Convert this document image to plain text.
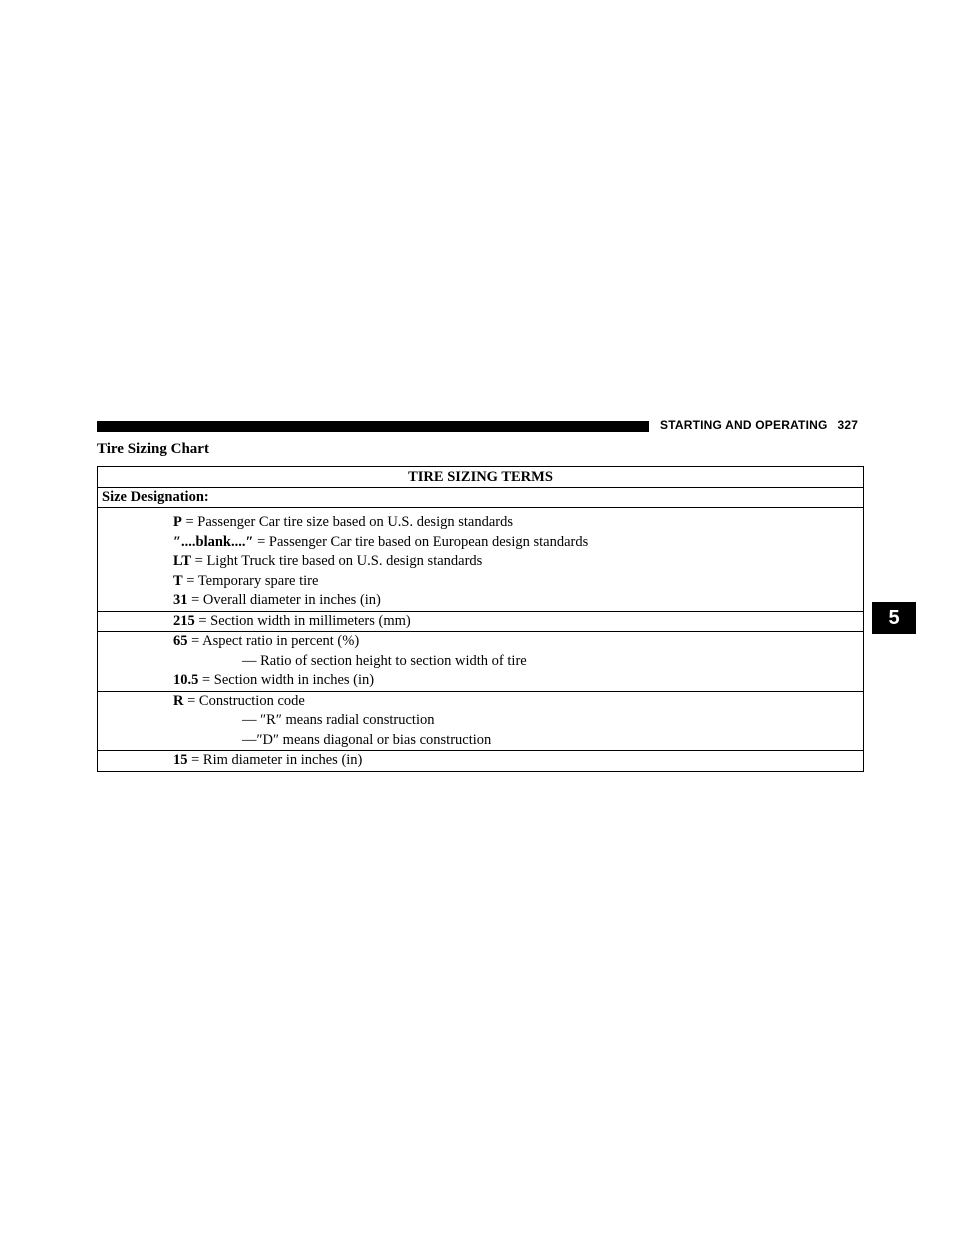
STARTING AND OPERATING 327
5
Tire Sizing Chart
TIRE SIZING TERMS
Size Designation:

P = Passenger Car tire size based on U.S. design standards
″....blank....″ = Passenger Car tire based on European design standards
LT = Light Truck tire based on U.S. design standards
T = Temporary spare tire
31 = Overall diameter in inches (in)

215 = Section width in millimeters (mm)

65 = Aspect ratio in percent (%)
— Ratio of section height to section width of tire
10.5 = Section width in inches (in)

R = Construction code
— ″R″ means radial construction
—″D″ means diagonal or bias construction

15 = Rim diameter in inches (in)
